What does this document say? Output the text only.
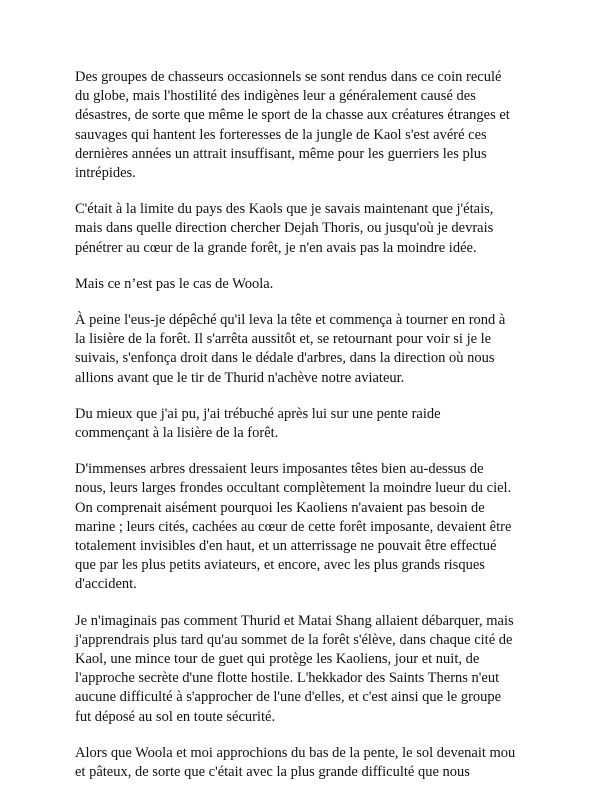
Des groupes de chasseurs occasionnels se sont rendus dans ce coin reculé
du globe, mais l'hostilité des indigènes leur a généralement causé des
désastres, de sorte que même le sport de la chasse aux créatures étranges et
sauvages qui hantent les forteresses de la jungle de Kaol s'est avéré ces
dernières années un attrait insuffisant, même pour les guerriers les plus
intrépides.

C'était à la limite du pays des Kaols que je savais maintenant que j'étais,
mais dans quelle direction chercher Dejah Thoris, ou jusqu'où je devrais
pénétrer au cœur de la grande forêt, je n'en avais pas la moindre idée.

Mais ce n’est pas le cas de Woola.

À peine l'eus-je dépêché qu'il leva la tête et commença à tourner en rond à
la lisière de la forêt. Il s'arrêta aussitôt et, se retournant pour voir si je le
suivais, s'enfonça droit dans le dédale d'arbres, dans la direction où nous
allions avant que le tir de Thurid n'achève notre aviateur.

Du mieux que j'ai pu, j'ai trébuché après lui sur une pente raide
commençant à la lisière de la forêt.

D'immenses arbres dressaient leurs imposantes têtes bien au-dessus de
nous, leurs larges frondes occultant complètement la moindre lueur du ciel.
On comprenait aisément pourquoi les Kaoliens n'avaient pas besoin de
marine ; leurs cités, cachées au cœur de cette forêt imposante, devaient être
totalement invisibles d'en haut, et un atterrissage ne pouvait être effectué
que par les plus petits aviateurs, et encore, avec les plus grands risques
d'accident.

Je n'imaginais pas comment Thurid et Matai Shang allaient débarquer, mais
j'apprendrais plus tard qu'au sommet de la forêt s'élève, dans chaque cité de
Kaol, une mince tour de guet qui protège les Kaoliens, jour et nuit, de
l'approche secrète d'une flotte hostile. L'hekkador des Saints Therns n'eut
aucune difficulté à s'approcher de l'une d'elles, et c'est ainsi que le groupe
fut déposé au sol en toute sécurité.

Alors que Woola et moi approchions du bas de la pente, le sol devenait mou
et pâteux, de sorte que c'était avec la plus grande difficulté que nous
